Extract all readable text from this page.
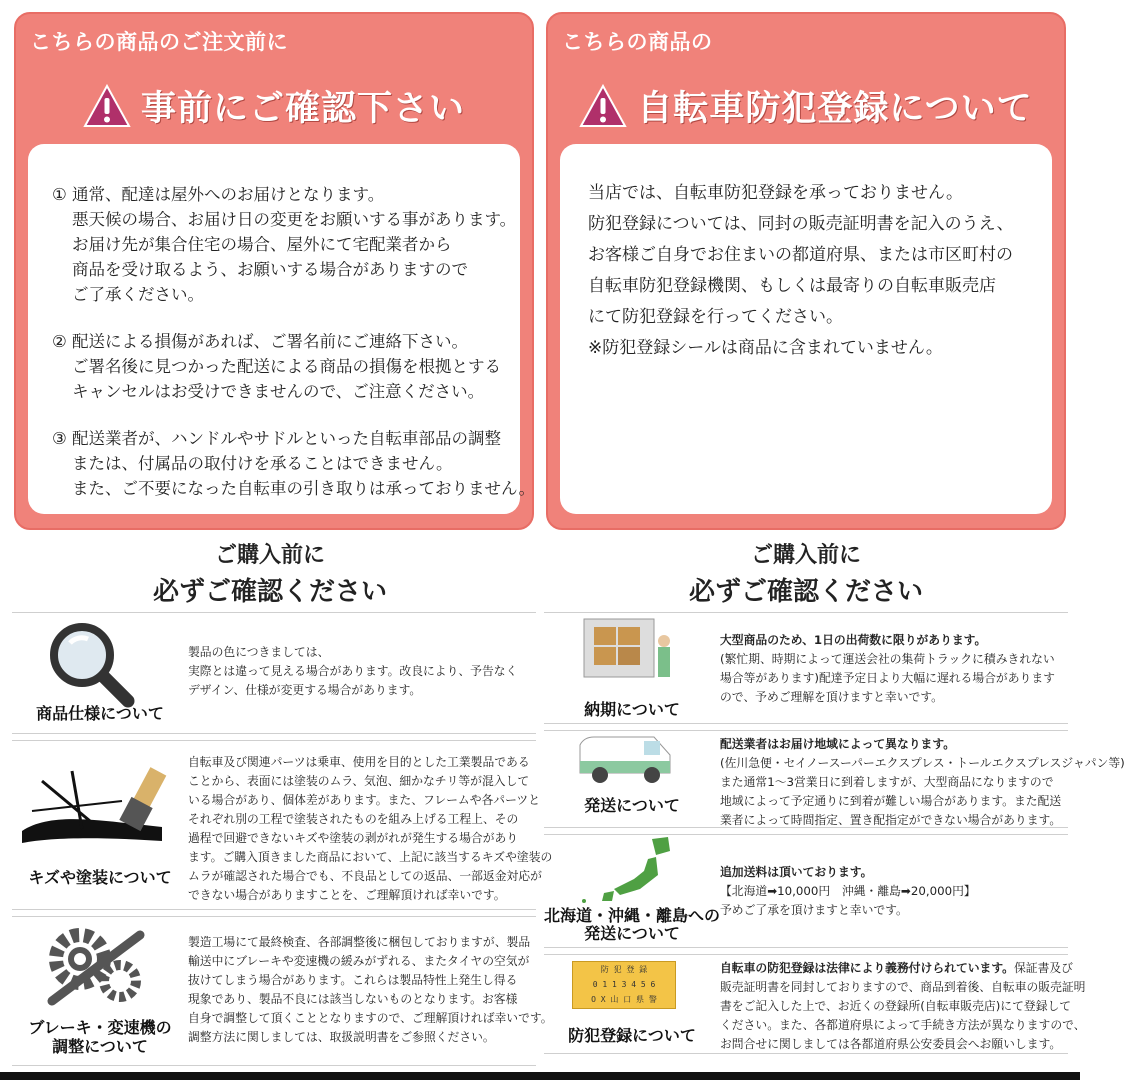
こちらの商品のご注文前に
事前にご確認下さい

① 通常、配達は屋外へのお届けとなります。

悪天候の場合、お届け日の変更をお願いする事があります。

お届け先が集合住宅の場合、屋外にて宅配業者から

商品を受け取るよう、お願いする場合がありますので

ご了承ください。

② 配送による損傷があれば、ご署名前にご連絡下さい。

ご署名後に見つかった配送による商品の損傷を根拠とする

キャンセルはお受けできませんので、ご注意ください。

③ 配送業者が、ハンドルやサドルといった自転車部品の調整

または、付属品の取付けを承ることはできません。

また、ご不要になった自転車の引き取りは承っておりません。

こちらの商品の
自転車防犯登録について

当店では、自転車防犯登録を承っておりません。

防犯登録については、同封の販売証明書を記入のうえ、

お客様ご自身でお住まいの都道府県、または市区町村の

自転車防犯登録機関、もしくは最寄りの自転車販売店

にて防犯登録を行ってください。

※防犯登録シールは商品に含まれていません。

ご購入前に
必ずご確認ください
ご購入前に
必ずご確認ください
商品仕様について

製品の色につきましては、

実際とは違って見える場合があります。改良により、予告なく

デザイン、仕様が変更する場合があります。

キズや塗装について

自転車及び関連パーツは乗車、使用を目的とした工業製品である

ことから、表面には塗装のムラ、気泡、細かなチリ等が混入して

いる場合があり、個体差があります。また、フレームや各パーツと

それぞれ別の工程で塗装されたものを組み上げる工程上、その

過程で回避できないキズや塗装の剥がれが発生する場合があり

ます。ご購入頂きました商品において、上記に該当するキズや塗装の

ムラが確認された場合でも、不良品としての返品、一部返金対応が

できない場合がありますことを、ご理解頂ければ幸いです。

ブレーキ・変速機の
調整について

製造工場にて最終検査、各部調整後に梱包しておりますが、製品

輸送中にブレーキや変速機の緩みがずれる、またタイヤの空気が

抜けてしまう場合があります。これらは製品特性上発生し得る

現象であり、製品不良には該当しないものとなります。お客様

自身で調整して頂くこととなりますので、ご理解頂ければ幸いです。

調整方法に関しましては、取扱説明書をご参照ください。

納期について

大型商品のため、1日の出荷数に限りがあります。

(繁忙期、時期によって運送会社の集荷トラックに積みきれない

場合等があります)配達予定日より大幅に遅れる場合があります

ので、予めご理解を頂けますと幸いです。

発送について

配送業者はお届け地域によって異なります。

(佐川急便・セイノースーパーエクスプレス・トールエクスプレスジャパン等)

また通常1～3営業日に到着しますが、大型商品になりますので

地域によって予定通りに到着が難しい場合があります。また配送

業者によって時間指定、置き配指定ができない場合があります。

北海道・沖縄・離島への
発送について

追加送料は頂いております。

【北海道➡10,000円　沖縄・離島➡20,000円】

予めご了承を頂けますと幸いです。

防 犯 登 録
0 1 1 3 4 5 6
O X 山 口 県 警
防犯登録について

自転車の防犯登録は法律により義務付けられています。保証書及び

販売証明書を同封しておりますので、商品到着後、自転車の販売証明

書をご記入した上で、お近くの登録所(自転車販売店)にて登録して

ください。また、各都道府県によって手続き方法が異なりますので、

お問合せに関しましては各都道府県公安委員会へお願いします。
